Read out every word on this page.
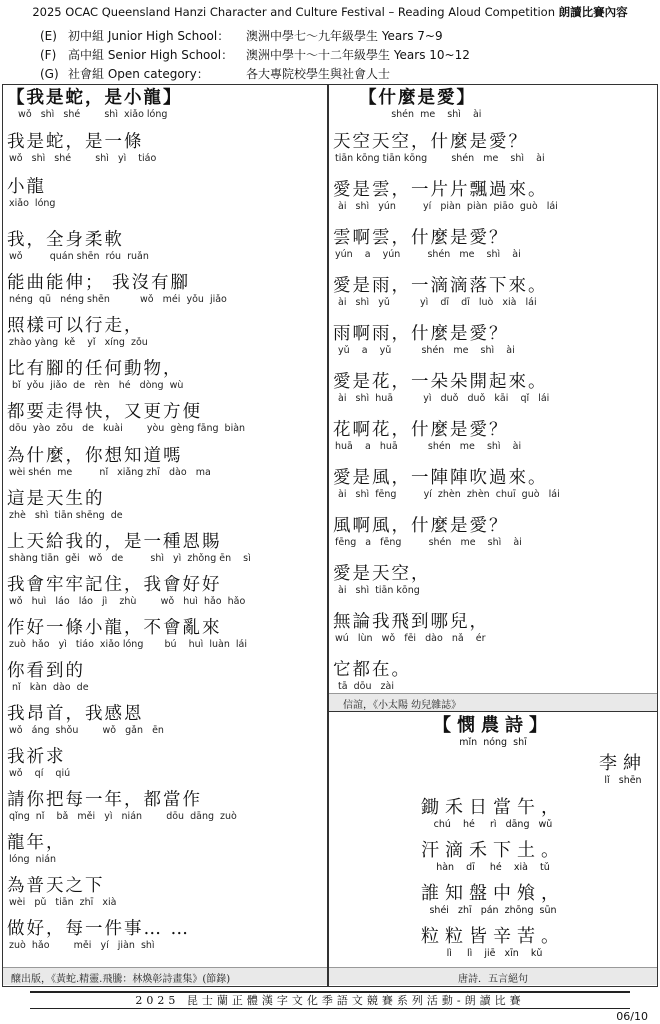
2025 OCAC Queensland Hanzi Character and Culture Festival – Reading Aloud Competition 朗讀比賽內容
(E) 初中組 Junior High School： 澳洲中學七～九年級學生 Years 7~9
(F) 高中組 Senior High School： 澳洲中學十～十二年級學生 Years 10~12
(G) 社會組 Open category：	各大專院校學生與社會人士
【我是蛇，是小龍】
wǒ   shì   shé        shì  xiǎo lóng
我是蛇，是一條
wǒ   shì   shé        shì   yì    tiáo
小龍
xiǎo  lóng
我，全身柔軟
wǒ         quán shēn  róu  ruǎn
能曲能伸； 我沒有腳
néng  qū   néng shēn          wǒ   méi  yǒu  jiǎo
照樣可以行走，
zhào yàng  kě    yǐ   xíng  zǒu
比有腳的任何動物，
bǐ  yǒu  jiǎo  de   rèn   hé   dòng  wù
都要走得快，又更方便
dōu  yào  zǒu   de   kuài        yòu  gèng fāng  biàn
為什麼，你想知道嗎
wèi shén  me         nǐ   xiǎng zhī   dào   ma
這是天生的
zhè   shì  tiān shēng  de
上天給我的，是一種恩賜
shàng tiān  gěi   wǒ   de         shì   yì  zhǒng ēn    sì
我會牢牢記住，我會好好
wǒ   huì   láo   láo   jì    zhù        wǒ   huì  hǎo  hǎo
作好一條小龍，不會亂來
zuò  hǎo   yì   tiáo  xiǎo lóng       bú    huì  luàn  lái
你看到的
nǐ   kàn  dào  de
我昂首，我感恩
wǒ   áng  shǒu        wǒ   gǎn   ēn
我祈求
wǒ    qí    qiú
請你把每一年，都當作
qǐng  nǐ    bǎ   měi   yì   nián        dōu  dāng  zuò
龍年，
lóng  nián
為普天之下
wèi   pǔ   tiān  zhī   xià
做好，每一件事… …
zuò  hǎo        měi   yí   jiàn  shì
醸出版，《黃蛇.精靈.飛騰：林煥彰詩畫集》(節錄)
【什麼是愛】
shén  me    shì    ài
天空天空，什麼是愛？
tiān kōng tiān kōng        shén   me    shì    ài
愛是雲，一片片飄過來。
ài   shì   yún         yí   piàn  piàn  piāo  guò   lái
雲啊雲，什麼是愛？
yún    a    yún         shén   me    shì    ài
愛是雨，一滴滴落下來。
ài   shì   yǔ          yì    dī    dī   luò   xià   lái
雨啊雨，什麼是愛？
yǔ    a    yǔ          shén   me    shì    ài
愛是花，一朵朵開起來。
ài   shì  huā          yì   duǒ   duǒ   kāi    qǐ   lái
花啊花，什麼是愛？
huā    a   huā          shén   me    shì    ài
愛是風，一陣陣吹過來。
ài   shì  fēng         yí  zhèn  zhèn  chuī  guò   lái
風啊風，什麼是愛？
fēng   a   fēng         shén   me    shì    ài
愛是天空，
ài   shì  tiān kōng
無論我飛到哪兒，
wú   lùn   wǒ   fēi   dào   nǎ    ér
它都在。
tā  dōu   zài
信誼，《小太陽 幼兒雜誌》
【憫農詩】
mǐn  nóng  shī
李紳
lǐ   shēn
鋤禾日當午，
chú    hé     rì   dāng   wǔ
汗滴禾下土。
hàn    dī     hé    xià    tǔ
誰知盤中飧，
shéi   zhī   pán  zhōng  sūn
粒粒皆辛苦。
lì     lì    jiē   xīn    kǔ
唐詩．五言絕句
2025 昆士蘭正體漢字文化季語文競賽系列活動-朗讀比賽
06/10
